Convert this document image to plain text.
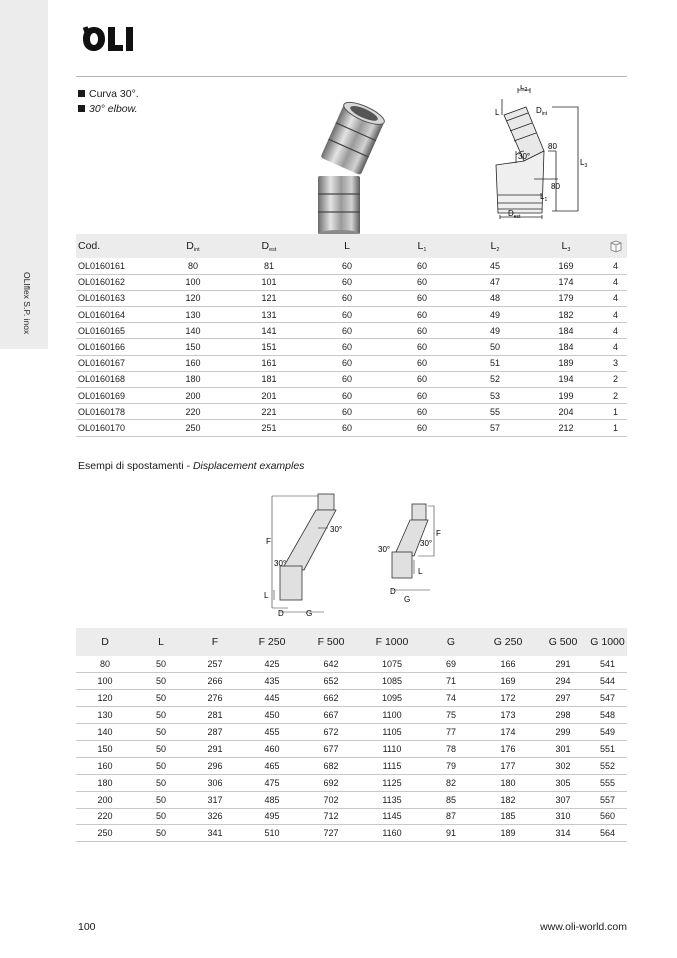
OLIflex S.P. inox
Curva 30°.
30° elbow.
$L_2$
L	$D_{int}$
30°
80
80
$L_3$
$L_1$
$D_{est}$
Cod.	$D_{int}$	$D_{est}$	L	$L_1$	$L_2$	$L_3$	
OL0160161	80	81	60	60	45	169	4
OL0160162	100	101	60	60	47	174	4
OL0160163	120	121	60	60	48	179	4
OL0160164	130	131	60	60	49	182	4
OL0160165	140	141	60	60	49	184	4
OL0160166	150	151	60	60	50	184	4
OL0160167	160	161	60	60	51	189	3
OL0160168	180	181	60	60	52	194	2
OL0160169	200	201	60	60	53	199	2
OL0160178	220	221	60	60	55	204	1
OL0160170	250	251	60	60	57	212	1
Esempi di spostamenti - Displacement examples
F
30°
30°
L
D	G
F
30°
30°
L
D
G
D	L	F	F 250	F 500	F 1000	G	G 250	G 500	G 1000
80	50	257	425	642	1075	69	166	291	541
100	50	266	435	652	1085	71	169	294	544
120	50	276	445	662	1095	74	172	297	547
130	50	281	450	667	1100	75	173	298	548
140	50	287	455	672	1105	77	174	299	549
150	50	291	460	677	1110	78	176	301	551
160	50	296	465	682	1115	79	177	302	552
180	50	306	475	692	1125	82	180	305	555
200	50	317	485	702	1135	85	182	307	557
220	50	326	495	712	1145	87	185	310	560
250	50	341	510	727	1160	91	189	314	564
100	www.oli-world.com
